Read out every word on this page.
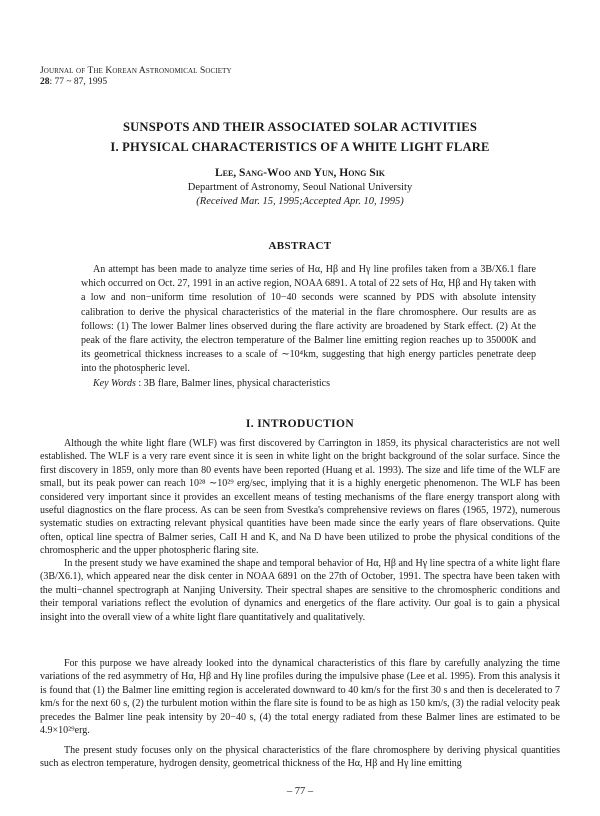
Journal of The Korean Astronomical Society
28: 77 ~ 87, 1995
SUNSPOTS AND THEIR ASSOCIATED SOLAR ACTIVITIES
I. PHYSICAL CHARACTERISTICS OF A WHITE LIGHT FLARE
Lee, Sang-Woo and Yun, Hong Sik
Department of Astronomy, Seoul National University
(Received Mar. 15, 1995;Accepted Apr. 10, 1995)
ABSTRACT

An attempt has been made to analyze time series of Hα, Hβ and Hγ line profiles taken from a 3B/X6.1 flare which occurred on Oct. 27, 1991 in an active region, NOAA 6891. A total of 22 sets of Hα, Hβ and Hγ taken with a low and non−uniform time resolution of 10−40 seconds were scanned by PDS with absolute intensity calibration to derive the physical characteristics of the material in the flare chromosphere. Our results are as follows: (1) The lower Balmer lines observed during the flare activity are broadened by Stark effect. (2) At the peak of the flare activity, the electron temperature of the Balmer line emitting region reaches up to 35000K and its geometrical thickness increases to a scale of ∼10⁴km, suggesting that high energy particles penetrate deep into the photospheric level.

Key Words : 3B flare, Balmer lines, physical characteristics
I. INTRODUCTION

Although the white light flare (WLF) was first discovered by Carrington in 1859, its physical characteristics are not well established. The WLF is a very rare event since it is seen in white light on the bright background of the solar surface. Since the first discovery in 1859, only more than 80 events have been reported (Huang et al. 1993). The size and life time of the WLF are small, but its peak power can reach 10²⁸ ∼10²⁹ erg/sec, implying that it is a highly energetic phenomenon. The WLF has been considered very important since it provides an excellent means of testing mechanisms of the flare energy transport along with useful diagnostics on the flare process. As can be seen from Svestka's comprehensive reviews on flares (1965, 1972), numerous systematic studies on extracting relevant physical quantities have been made since the early years of flare observations. Quite often, optical line spectra of Balmer series, CaII H and K, and Na D have been utilized to probe the physical conditions of the chromospheric and the upper photospheric flaring site.

In the present study we have examined the shape and temporal behavior of Hα, Hβ and Hγ line spectra of a white light flare (3B/X6.1), which appeared near the disk center in NOAA 6891 on the 27th of October, 1991. The spectra have been taken with the multi−channel spectrograph at Nanjing University. Their spectral shapes are sensitive to the chromospheric conditions and their temporal variations reflect the evolution of dynamics and energetics of the flare activity. Our goal is to gain a physical insight into the overall view of a white light flare quantitatively and qualitatively.

For this purpose we have already looked into the dynamical characteristics of this flare by carefully analyzing the time variations of the red asymmetry of Hα, Hβ and Hγ line profiles during the impulsive phase (Lee et al. 1995). From this analysis it is found that (1) the Balmer line emitting region is accelerated downward to 40 km/s for the first 30 s and then is decelerated to 7 km/s for the next 60 s, (2) the turbulent motion within the flare site is found to be as high as 150 km/s, (3) the radial velocity peak precedes the Balmer line peak intensity by 20−40 s, (4) the total energy radiated from these Balmer lines are estimated to be 4.9×10²⁹erg.

The present study focuses only on the physical characteristics of the flare chromosphere by deriving physical quantities such as electron temperature, hydrogen density, geometrical thickness of the Hα, Hβ and Hγ line emitting

– 77 –
